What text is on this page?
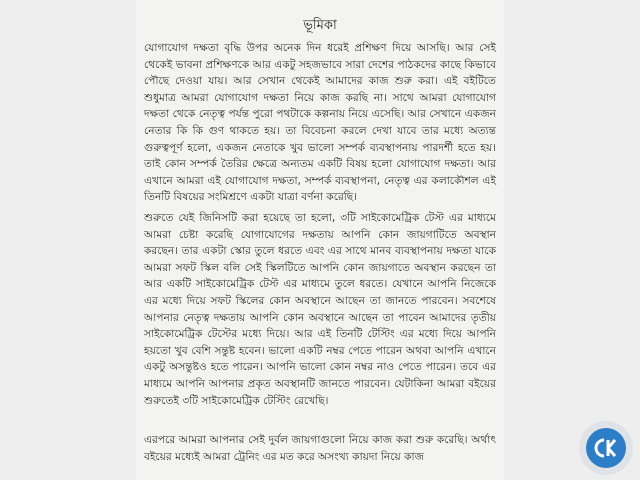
ভূমিকা

যোগাযোগ দক্ষতা বৃদ্ধি উপর অনেক দিন ধরেই প্রশিক্ষণ দিয়ে আসছি। আর সেই থেকেই ভাবনা প্রশিক্ষণকে আর একটু সহজভাবে সারা দেশের পাঠকদের কাছে কিভাবে পৌছে দেওয়া যায়। আর সেখান থেকেই আমাদের কাজ শুরু করা। এই বইটিতে শুধুমাত্র আমরা যোগাযোগ দক্ষতা নিয়ে কাজ করছি না। সাথে আমরা যোগাযোগ দক্ষতা থেকে নেতৃত্ব পর্যন্ত পুরো পথটাকে কল্পনায় নিয়ে এসেছি। আর সেখানে একজন নেতার কি কি গুণ থাকতে হয়। তা বিবেচনা করলে দেখা যাবে তার মধ্যে অত্যন্ত গুরুত্বপূর্ণ হলো, একজন নেতাকে খুব ভালো সম্পর্ক ব্যবস্থাপনায় পারদর্শী হতে হয়। তাই কোন সম্পর্ক তৈরির ক্ষেত্রে অন্যতম একটি বিষয় হলো যোগাযোগ দক্ষতা। আর এখানে আমরা এই যোগাযোগ দক্ষতা, সম্পর্ক ব্যবস্থাপনা, নেতৃত্ব এর কলাকৌশল এই তিনটি বিষয়ের সংমিশ্রণে একটা যাত্রা বর্ণনা করেছি।

শুরুতে যেই জিনিসটি করা হয়েছে তা হলো, ৩টি সাইকোমেট্রিক টেস্ট এর মাধ্যমে আমরা চেষ্টা করেছি যোগাযোগের দক্ষতায় আপনি কোন জায়গাটিতে অবস্থান করছেন। তার একটা স্কোর তুলে ধরতে এবং এর সাথে মানব ব্যবস্থাপনায় দক্ষতা যাকে আমরা সফট স্কিল বলি সেই স্কিলটিতে আপনি কোন জায়গাতে অবস্থান করছেন তা আর একটি সাইকোমেট্রিক টেস্ট এর মাধ্যমে তুলে ধরতে। যেখানে আপনি নিজেকে এর মধ্যে দিয়ে সফট স্কিলের কোন অবস্থানে আছেন তা জানতে পারবেন। সবশেষে আপনার নেতৃত্ব দক্ষতায় আপনি কোন অবস্থানে আছেন তা পাবেন আমাদের তৃতীয় সাইকোমেট্রিক টেস্টের মধ্যে দিয়ে। আর এই তিনটি টেস্টিং এর মধ্যে দিয়ে আপনি হয়তো খুব বেশি সন্তুষ্ট হবেন। ভালো একটি নম্বর পেতে পারেন অথবা আপনি এখানে একটু অসন্তুষ্টও হতে পারেন। আপনি ভালো কোন নম্বর নাও পেতে পারেন। তবে এর মাধ্যমে আপনি আপনার প্রকৃত অবস্থানটি জানতে পারবেন। যেটাকিনা আমরা বইয়ের শুরুতেই ৩টি সাইকোমেট্রিক টেস্টিং রেখেছি।

এরপরে আমরা আপনার সেই দুর্বল জায়গাগুলো নিয়ে কাজ করা শুরু করেছি। অর্থাৎ বইয়ের মধ্যেই আমরা ট্রেনিং এর মত করে অসংখ্য কায়দা নিয়ে কাজ
